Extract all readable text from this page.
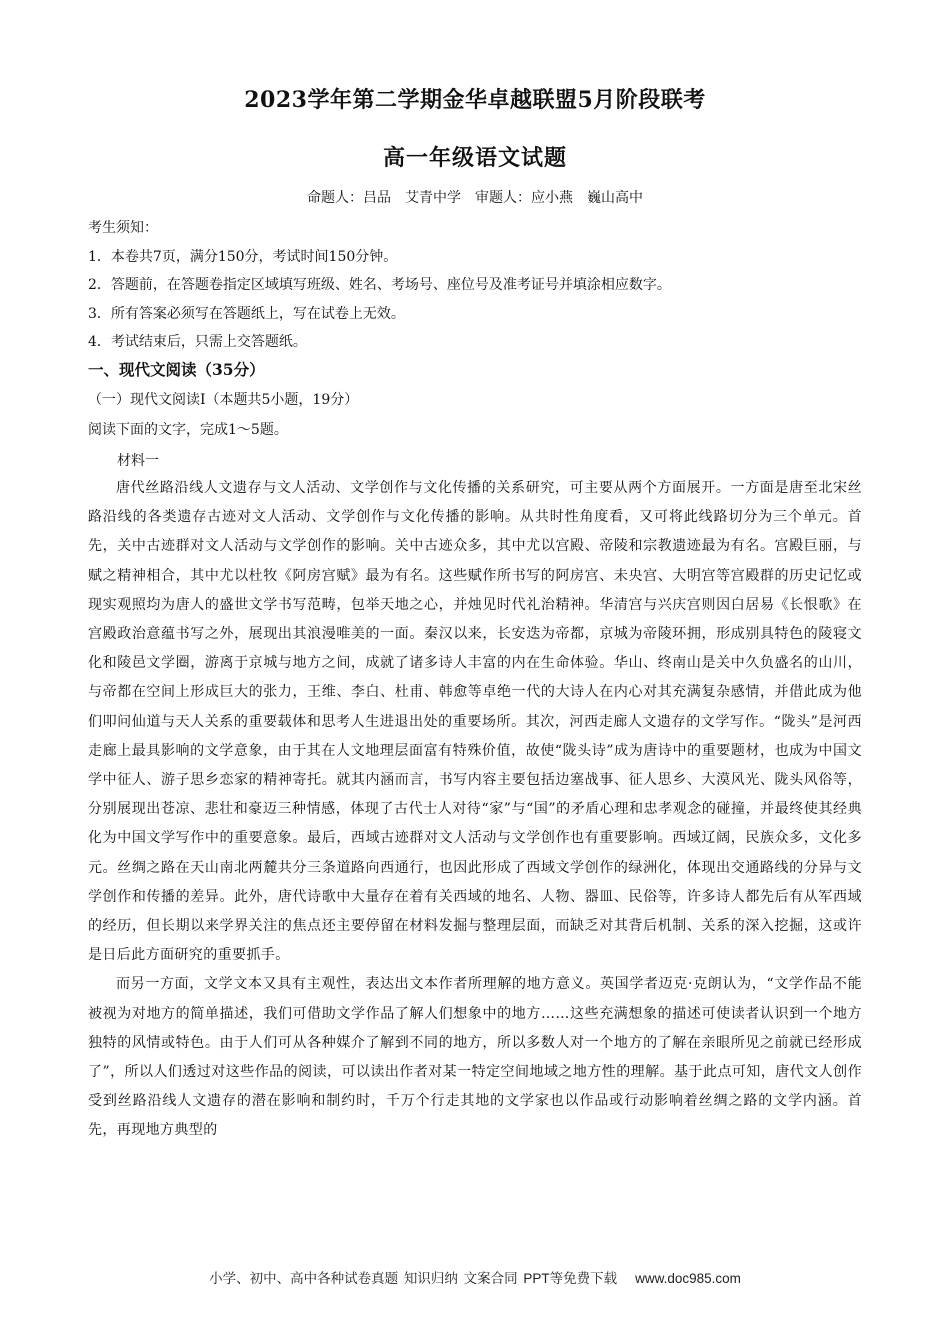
2023学年第二学期金华卓越联盟5月阶段联考
高一年级语文试题
命题人：吕品　艾青中学　审题人：应小燕　巍山高中
考生须知：
1．本卷共7页，满分150分，考试时间150分钟。
2．答题前，在答题卷指定区域填写班级、姓名、考场号、座位号及准考证号并填涂相应数字。
3．所有答案必须写在答题纸上，写在试卷上无效。
4．考试结束后，只需上交答题纸。
一、现代文阅读（35分）
（一）现代文阅读Ⅰ（本题共5小题，19分）
阅读下面的文字，完成1～5题。
材料一

唐代丝路沿线人文遗存与文人活动、文学创作与文化传播的关系研究，可主要从两个方面展开。一方面是唐至北宋丝路沿线的各类遗存古迹对文人活动、文学创作与文化传播的影响。从共时性角度看，又可将此线路切分为三个单元。首先，关中古迹群对文人活动与文学创作的影响。关中古迹众多，其中尤以宫殿、帝陵和宗教遗迹最为有名。宫殿巨丽，与赋之精神相合，其中尤以杜牧《阿房宫赋》最为有名。这些赋作所书写的阿房宫、未央宫、大明宫等宫殿群的历史记忆或现实观照均为唐人的盛世文学书写范畴，包举天地之心，并烛见时代礼治精神。华清宫与兴庆宫则因白居易《长恨歌》在宫殿政治意蕴书写之外，展现出其浪漫唯美的一面。秦汉以来，长安迭为帝都，京城为帝陵环拥，形成别具特色的陵寝文化和陵邑文学圈，游离于京城与地方之间，成就了诸多诗人丰富的内在生命体验。华山、终南山是关中久负盛名的山川，与帝都在空间上形成巨大的张力，王维、李白、杜甫、韩愈等卓绝一代的大诗人在内心对其充满复杂感情，并借此成为他们叩问仙道与天人关系的重要载体和思考人生进退出处的重要场所。其次，河西走廊人文遗存的文学写作。“陇头”是河西走廊上最具影响的文学意象，由于其在人文地理层面富有特殊价值，故使“陇头诗”成为唐诗中的重要题材，也成为中国文学中征人、游子思乡恋家的精神寄托。就其内涵而言，书写内容主要包括边塞战事、征人思乡、大漠风光、陇头风俗等，分别展现出苍凉、悲壮和豪迈三种情感，体现了古代士人对待“家”与“国”的矛盾心理和忠孝观念的碰撞，并最终使其经典化为中国文学写作中的重要意象。最后，西域古迹群对文人活动与文学创作也有重要影响。西域辽阔，民族众多，文化多元。丝绸之路在天山南北两麓共分三条道路向西通行，也因此形成了西域文学创作的绿洲化，体现出交通路线的分异与文学创作和传播的差异。此外，唐代诗歌中大量存在着有关西域的地名、人物、器皿、民俗等，许多诗人都先后有从军西域的经历，但长期以来学界关注的焦点还主要停留在材料发掘与整理层面，而缺乏对其背后机制、关系的深入挖掘，这或许是日后此方面研究的重要抓手。

而另一方面，文学文本又具有主观性，表达出文本作者所理解的地方意义。英国学者迈克·克朗认为，“文学作品不能被视为对地方的简单描述，我们可借助文学作品了解人们想象中的地方……这些充满想象的描述可使读者认识到一个地方独特的风情或特色。由于人们可从各种媒介了解到不同的地方，所以多数人对一个地方的了解在亲眼所见之前就已经形成了”，所以人们透过对这些作品的阅读，可以读出作者对某一特定空间地域之地方性的理解。基于此点可知，唐代文人创作受到丝路沿线人文遗存的潜在影响和制约时，千万个行走其地的文学家也以作品或行动影响着丝绸之路的文学内涵。首先，再现地方典型的

小学、初中、高中各种试卷真题 知识归纳 文案合同 PPT等免费下载 www.doc985.com
